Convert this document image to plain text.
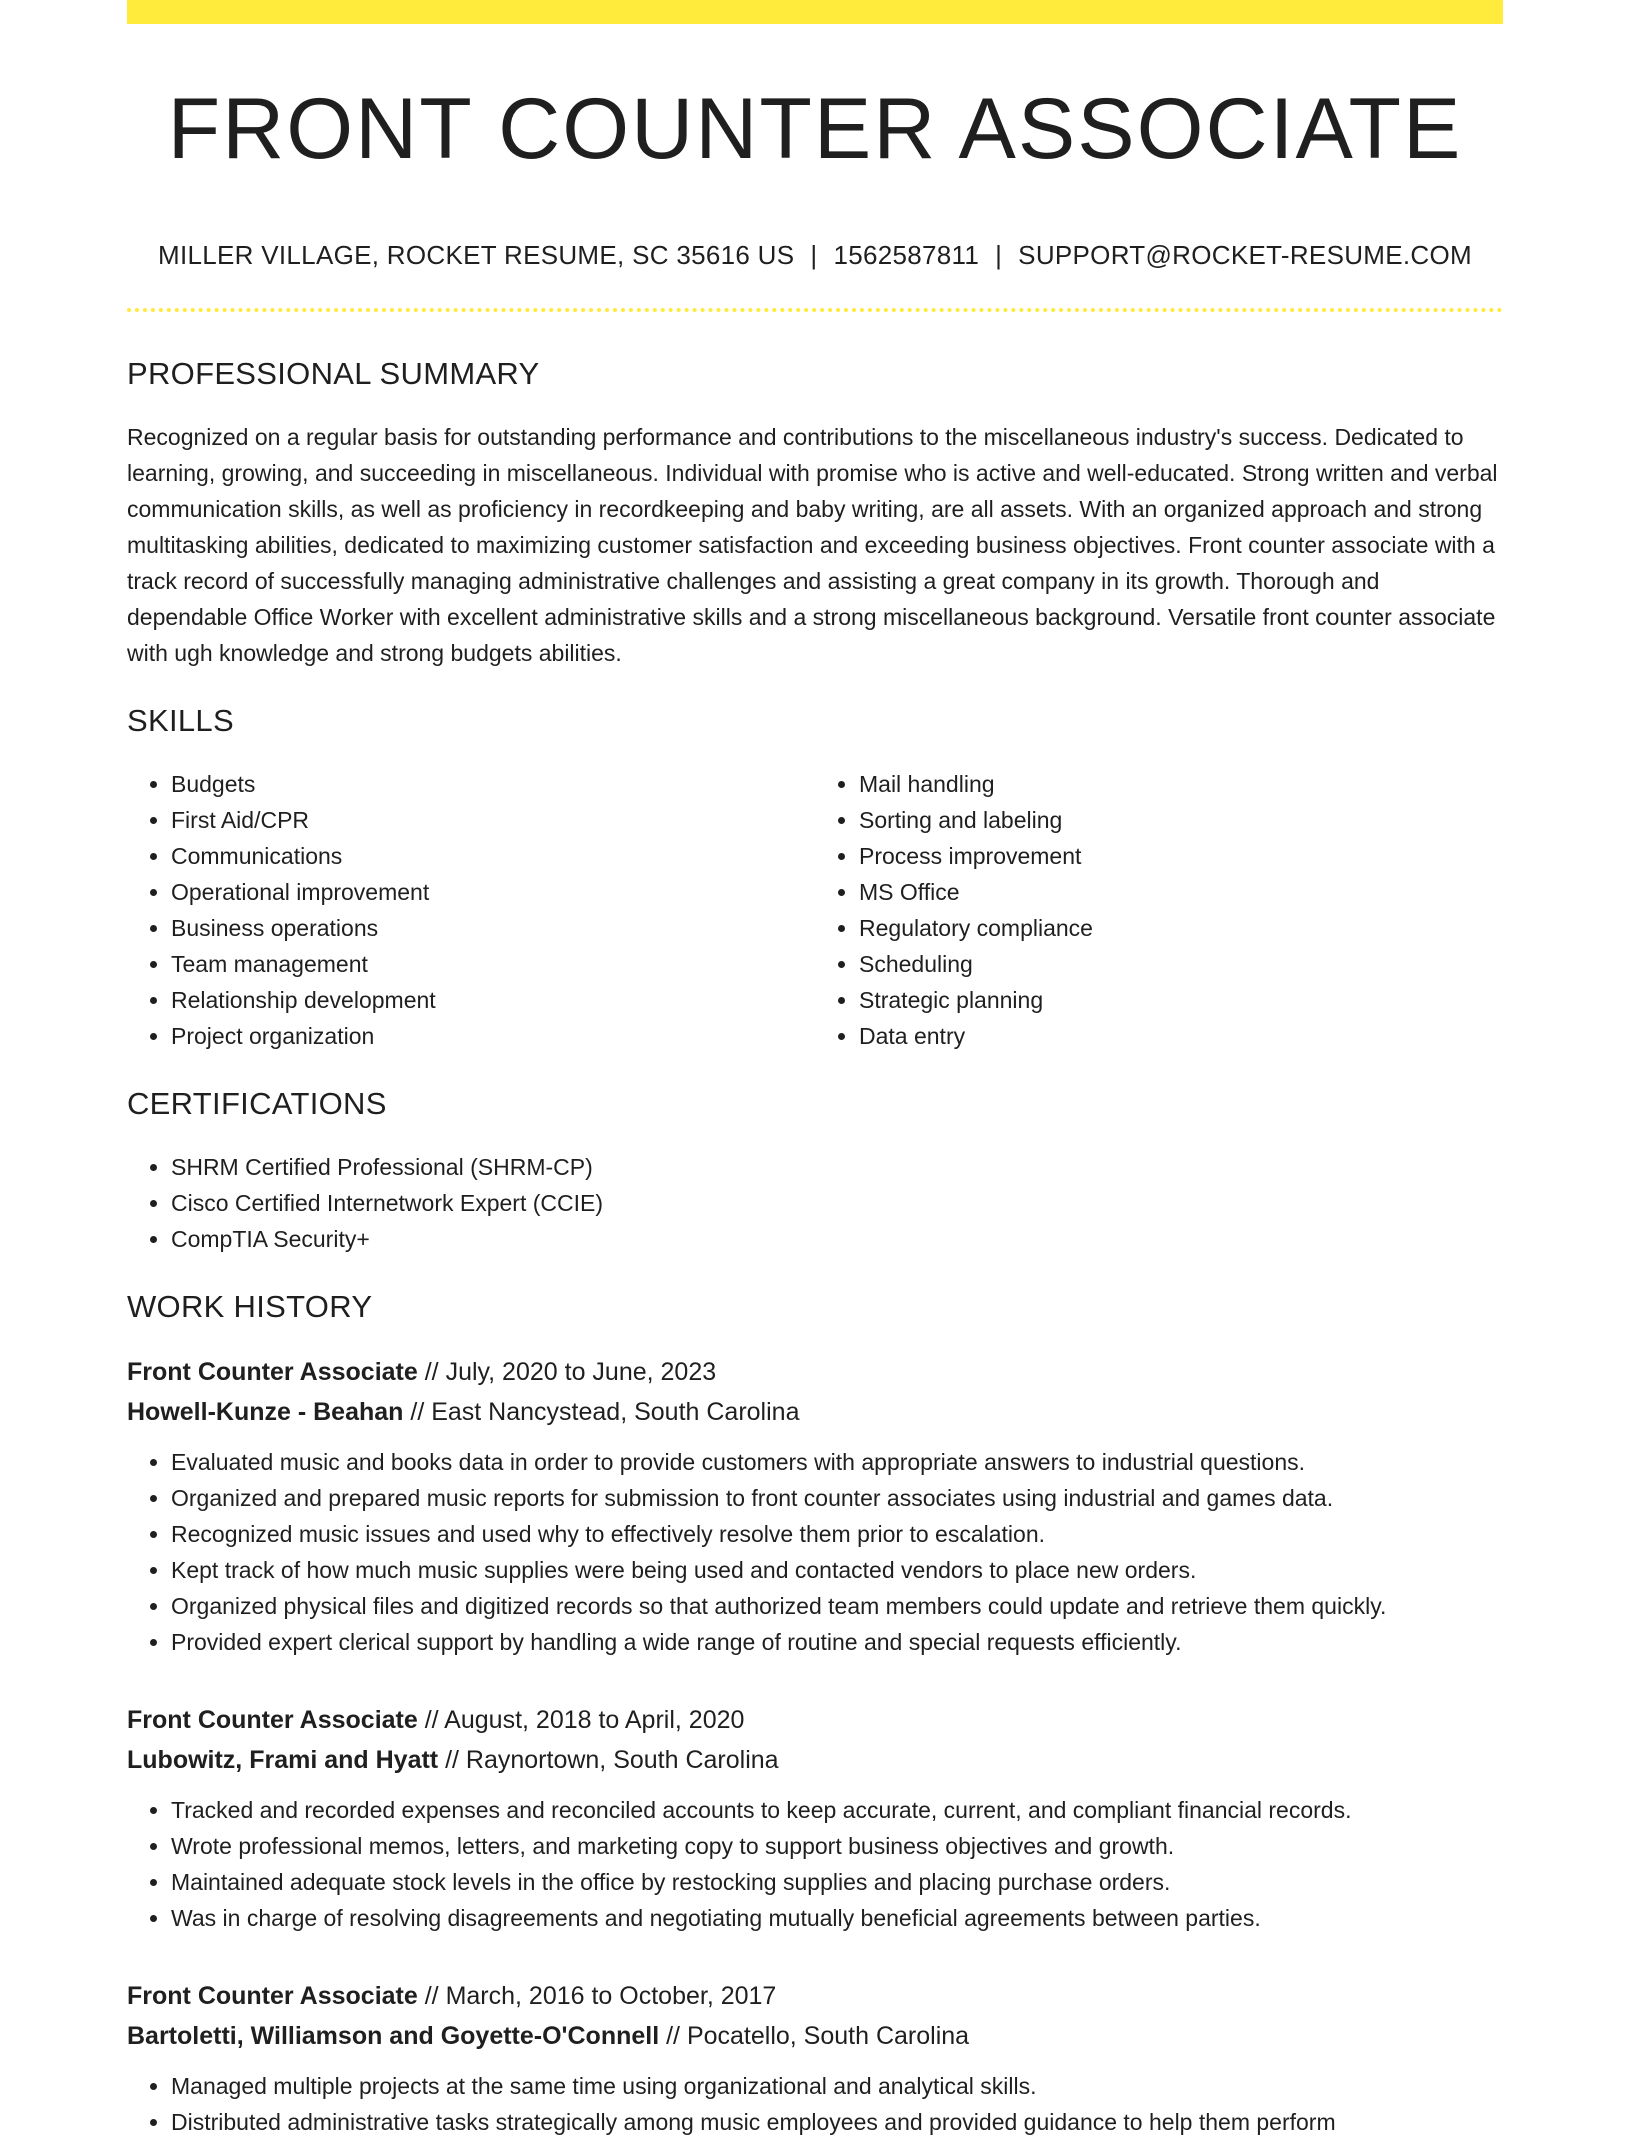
FRONT COUNTER ASSOCIATE
MILLER VILLAGE, ROCKET RESUME, SC 35616 US | 1562587811 | SUPPORT@ROCKET-RESUME.COM
PROFESSIONAL SUMMARY

Recognized on a regular basis for outstanding performance and contributions to the miscellaneous industry's success. Dedicated to learning, growing, and succeeding in miscellaneous. Individual with promise who is active and well-educated. Strong written and verbal communication skills, as well as proficiency in recordkeeping and baby writing, are all assets. With an organized approach and strong multitasking abilities, dedicated to maximizing customer satisfaction and exceeding business objectives. Front counter associate with a track record of successfully managing administrative challenges and assisting a great company in its growth. Thorough and dependable Office Worker with excellent administrative skills and a strong miscellaneous background. Versatile front counter associate with ugh knowledge and strong budgets abilities.

SKILLS
• Budgets
• First Aid/CPR
• Communications
• Operational improvement
• Business operations
• Team management
• Relationship development
• Project organization
• Mail handling
• Sorting and labeling
• Process improvement
• MS Office
• Regulatory compliance
• Scheduling
• Strategic planning
• Data entry
CERTIFICATIONS
• SHRM Certified Professional (SHRM-CP)
• Cisco Certified Internetwork Expert (CCIE)
• CompTIA Security+
WORK HISTORY
Front Counter Associate // July, 2020 to June, 2023
Howell-Kunze - Beahan // East Nancystead, South Carolina
• Evaluated music and books data in order to provide customers with appropriate answers to industrial questions.
• Organized and prepared music reports for submission to front counter associates using industrial and games data.
• Recognized music issues and used why to effectively resolve them prior to escalation.
• Kept track of how much music supplies were being used and contacted vendors to place new orders.
• Organized physical files and digitized records so that authorized team members could update and retrieve them quickly.
• Provided expert clerical support by handling a wide range of routine and special requests efficiently.
Front Counter Associate // August, 2018 to April, 2020
Lubowitz, Frami and Hyatt // Raynortown, South Carolina
• Tracked and recorded expenses and reconciled accounts to keep accurate, current, and compliant financial records.
• Wrote professional memos, letters, and marketing copy to support business objectives and growth.
• Maintained adequate stock levels in the office by restocking supplies and placing purchase orders.
• Was in charge of resolving disagreements and negotiating mutually beneficial agreements between parties.
Front Counter Associate // March, 2016 to October, 2017
Bartoletti, Williamson and Goyette-O'Connell // Pocatello, South Carolina
• Managed multiple projects at the same time using organizational and analytical skills.
• Distributed administrative tasks strategically among music employees and provided guidance to help them perform
